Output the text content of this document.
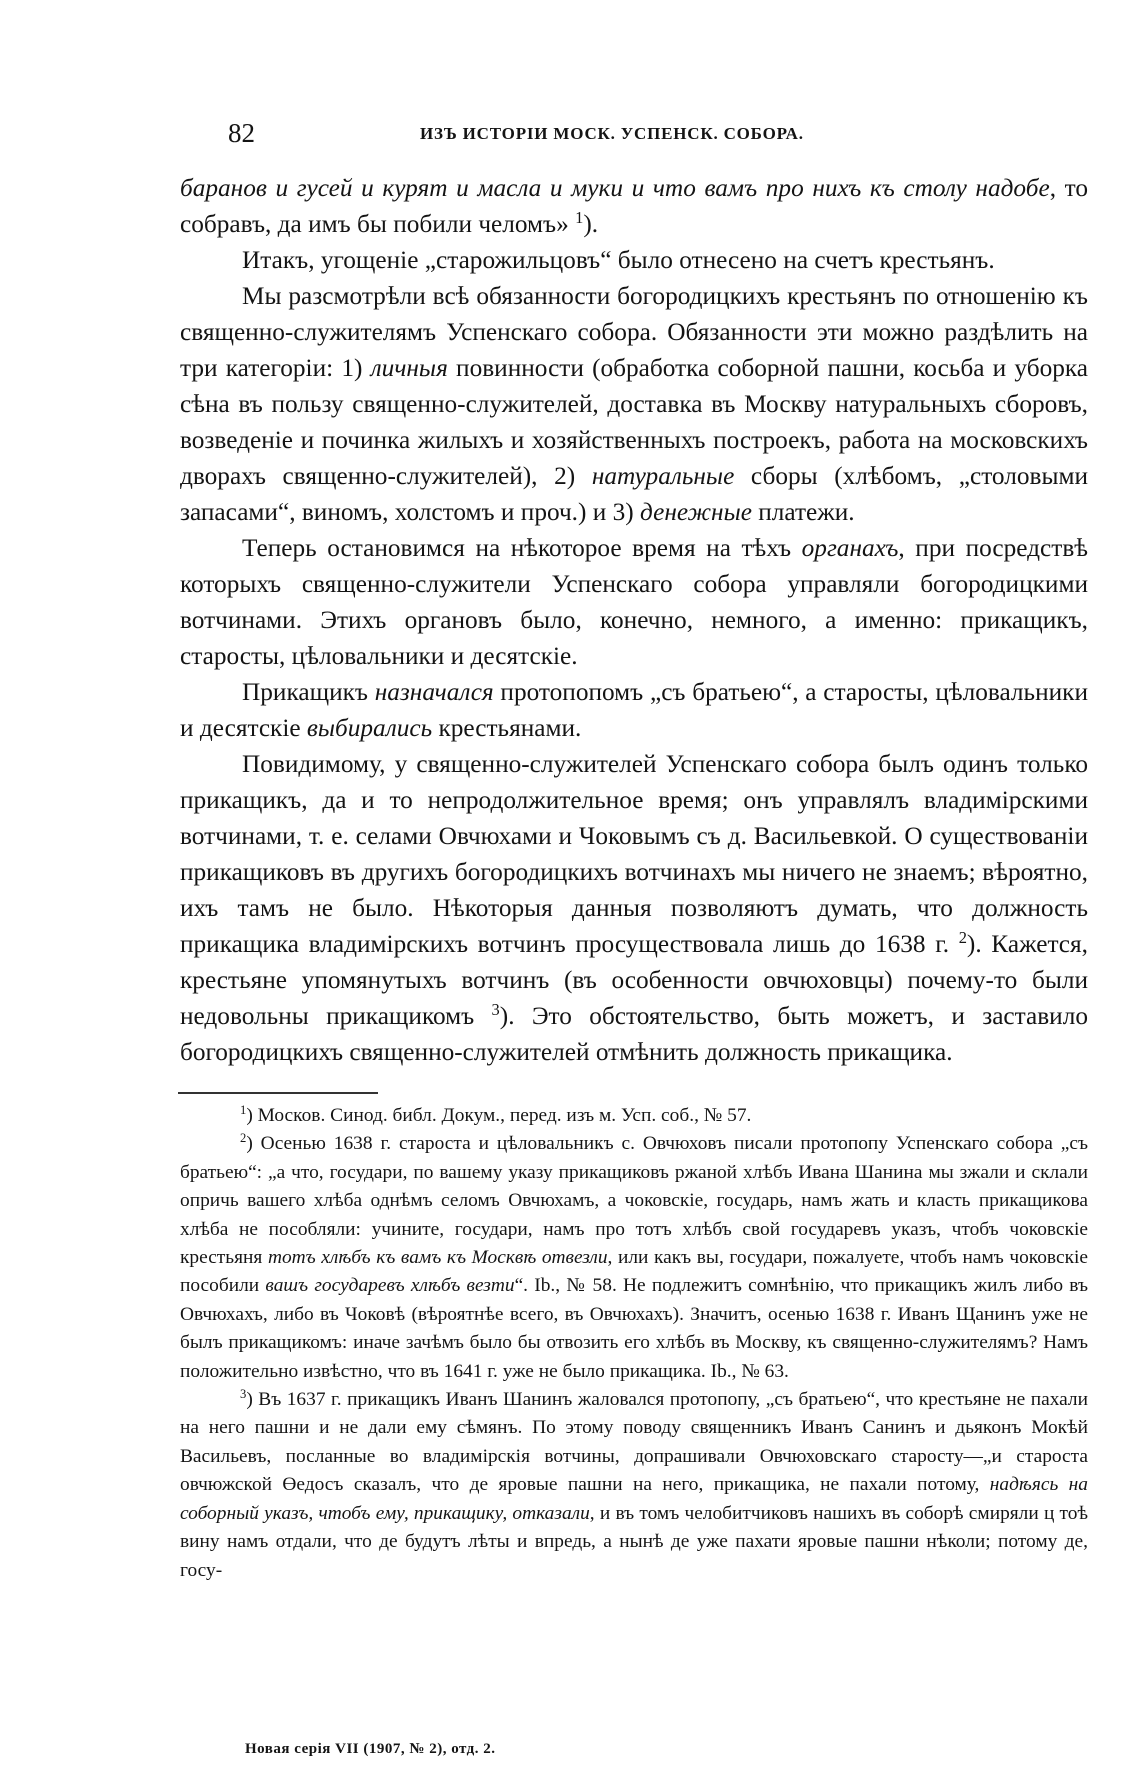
82	ИЗЪ ИСТОРІИ МОСК. УСПЕНСК. СОБОРА.

баранов и гусей и курят и масла и муки и что вамъ про нихъ къ столу надобе, то собравъ, да имъ бы побили челомъ» $^1$).

Итакъ, угощеніе „старожильцовъ“ было отнесено на счетъ крестьянъ.

Мы разсмотрѣли всѣ обязанности богородицкихъ крестьянъ по отношенію къ священно-служителямъ Успенскаго собора. Обязанности эти можно раздѣлить на три категоріи: 1) личныя повинности (обработка соборной пашни, косьба и уборка сѣна въ пользу священно-служителей, доставка въ Москву натуральныхъ сборовъ, возведеніе и починка жилыхъ и хозяйственныхъ построекъ, работа на московскихъ дворахъ священно-служителей), 2) натуральные сборы (хлѣбомъ, „столовыми запасами“, виномъ, холстомъ и проч.) и 3) денежные платежи.

Теперь остановимся на нѣкоторое время на тѣхъ органахъ, при посредствѣ которыхъ священно-служители Успенскаго собора управляли богородицкими вотчинами. Этихъ органовъ было, конечно, немного, а именно: прикащикъ, старосты, цѣловальники и десятскіе.

Прикащикъ назначался протопопомъ „съ братьею“, а старосты, цѣловальники и десятскіе выбирались крестьянами.

Повидимому, у священно-служителей Успенскаго собора былъ одинъ только прикащикъ, да и то непродолжительное время; онъ управлялъ владимірскими вотчинами, т. е. селами Овчюхами и Чоковымъ съ д. Васильевкой. О существованіи прикащиковъ въ другихъ богородицкихъ вотчинахъ мы ничего не знаемъ; вѣроятно, ихъ тамъ не было. Нѣкоторыя данныя позволяютъ думать, что должность прикащика владимірскихъ вотчинъ просуществовала лишь до 1638 г. $^2$). Кажется, крестьяне упомянутыхъ вотчинъ (въ особенности овчюховцы) почему-то были недовольны прикащикомъ $^3$). Это обстоятельство, быть можетъ, и заставило богородицкихъ священно-служителей отмѣнить должность прикащика.

$^1$) Москов. Синод. библ. Докум., перед. изъ м. Усп. соб., № 57.

$^2$) Осенью 1638 г. староста и цѣловальникъ с. Овчюховъ писали протопопу Успенскаго собора „съ братьею“: „а что, государи, по вашему указу прикащиковъ ржаной хлѣбъ Ивана Шанина мы зжали и склали опричь вашего хлѣба однѣмъ селомъ Овчюхамъ, а чоковскіе, государь, намъ жать и класть прикащикова хлѣба не пособляли: учините, государи, намъ про тотъ хлѣбъ свой государевъ указъ, чтобъ чоковскіе крестьяня тотъ хлѣбъ къ вамъ къ Москвѣ отвезли, или какъ вы, государи, пожалуете, чтобъ намъ чоковскіе пособили вашъ государевъ хлѣбъ везти“. Ib., № 58. Не подлежитъ сомнѣнію, что прикащикъ жилъ либо въ Овчюхахъ, либо въ Чоковѣ (вѣроятнѣе всего, въ Овчюхахъ). Значитъ, осенью 1638 г. Иванъ Щанинъ уже не былъ прикащикомъ: иначе зачѣмъ было бы отвозить его хлѣбъ въ Москву, къ священно-служителямъ? Намъ положительно извѣстно, что въ 1641 г. уже не было прикащика. Ib., № 63.

$^3$) Въ 1637 г. прикащикъ Иванъ Шанинъ жаловался протопопу, „съ братьею“, что крестьяне не пахали на него пашни и не дали ему сѣмянъ. По этому поводу священникъ Иванъ Санинъ и дьяконъ Мокѣй Васильевъ, посланные во владимірскія вотчины, допрашивали Овчюховскаго старосту—„и староста овчюжской Өедосъ сказалъ, что де яровые пашни на него, прикащика, не пахали потому, надѣясь на соборный указъ, чтобъ ему, прикащику, отказали, и въ томъ челобитчиковъ нашихъ въ соборѣ смиряли ц тоѣ вину намъ отдали, что де будутъ лѣты и впредь, а нынѣ де уже пахати яровые пашни нѣколи; потому де, госу-

Новая серія VII (1907, № 2), отд. 2.
